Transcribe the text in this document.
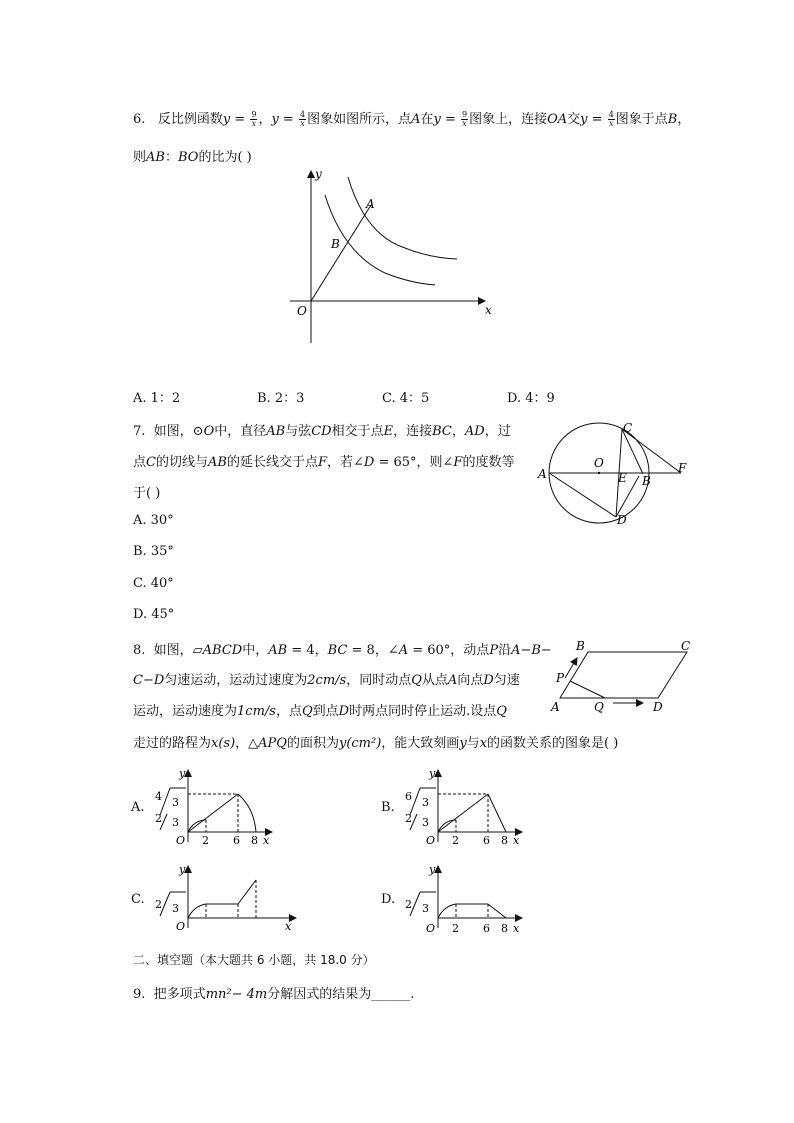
6. 反比例函数$y = \frac{9}{x}$ ，$y = \frac{4}{x}$ 图象如图所示，点A在$y = \frac{9}{x}$ 图象上，连接OA交$y = \frac{4}{x}$ 图象于点B，
则AB：BO的比为( )
y
x
O
A
B
A. 1：2	B. 2：3	C. 4：5	D. 4：9
7. 如图，⊙O中，直径AB与弦CD相交于点E，连接BC，AD，过
点C的切线与AB的延长线交于点F，若∠D = 65°，则∠F的度数等
于( )
A	B
C
D
E
F
O
A. 30°
B. 35°
C. 40°
D. 45°
8. 如图，▱ABCD中，AB = 4，BC = 8，∠A = 60°，动点P沿A−B−
C−D匀速运动，运动过速度为2cm/s，同时动点Q从点A向点D匀速
运动，运动速度为1cm/s，点Q到点D时两点同时停止运动.设点Q
走过的路程为x(s)，△APQ的面积为y(cm²)，能大致刻画y与x的函数关系的图象是( )
A
B	C
D
P
Q
A.
y
4 3
2 3
O 2 6 8 x
B.
y
6 3
2 3
O 2 6 8 x
C.
y
2 3
O	x
D.
y
2 3
O 2 6 8 x
二、填空题（本大题共 6 小题，共 18.0 分）
9. 把多项式mn²− 4m分解因式的结果为______.
